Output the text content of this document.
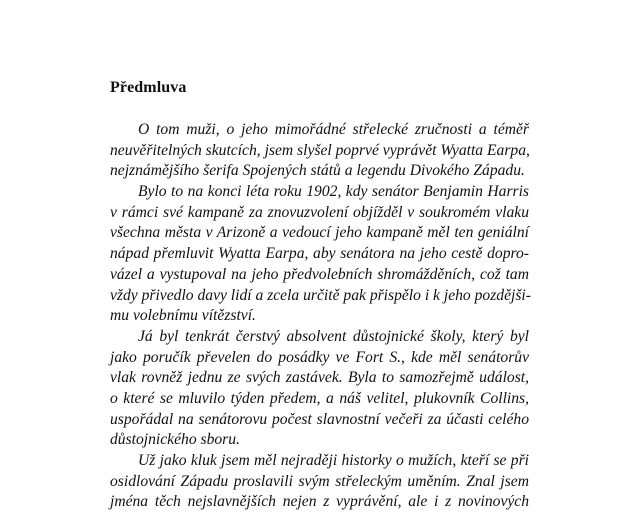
Předmluva
O tom muži, o jeho mimořádné střelecké zručnosti a téměř
neuvěřitelných skutcích, jsem slyšel poprvé vyprávět Wyatta Earpa,
nejznámějšího šerifa Spojených států a legendu Divokého Západu.
Bylo to na konci léta roku 1902, kdy senátor Benjamin Harris
v rámci své kampaně za znovuzvolení objížděl v soukromém vlaku
všechna města v Arizoně a vedoucí jeho kampaně měl ten geniální
nápad přemluvit Wyatta Earpa, aby senátora na jeho cestě dopro-
vázel a vystupoval na jeho předvolebních shromážděních, což tam
vždy přivedlo davy lidí a zcela určitě pak přispělo i k jeho pozdějši-
mu volebnímu vítězství.
Já byl tenkrát čerstvý absolvent důstojnické školy, který byl
jako poručík převelen do posádky ve Fort S., kde měl senátorův
vlak rovněž jednu ze svých zastávek. Byla to samozřejmě událost,
o které se mluvilo týden předem, a náš velitel, plukovník Collins,
uspořádal na senátorovu počest slavnostní večeři za účasti celého
důstojnického sboru.
Už jako kluk jsem měl nejraději historky o mužích, kteří se při
osidlování Západu proslavili svým střeleckým uměním. Znal jsem
jména těch nejslavnějších nejen z vyprávění, ale i z novinových
